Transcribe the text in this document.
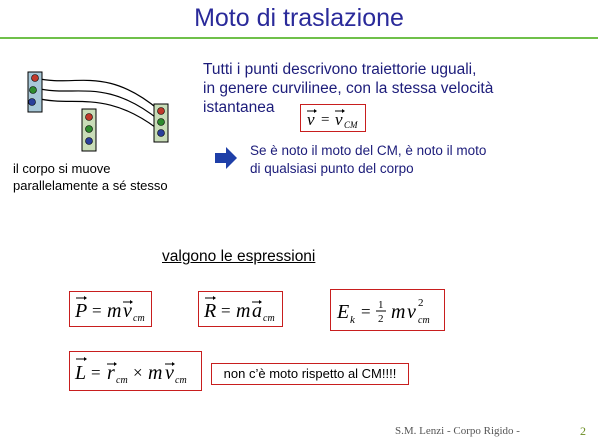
Moto di traslazione
il corpo si muove
parallelamente a sé stesso
Tutti i punti descrivono traiettorie uguali,
in genere curvilinee, con la stessa velocità
istantanea
v = v CM
Se è noto il moto del CM, è noto il moto
di qualsiasi punto del corpo
valgono le espressioni
P = m v cm	R = m a cm	E k = 1
2 m v 2
cm
L = r cm × m v cm	non c’è moto rispetto al CM!!!!
S.M. Lenzi - Corpo Rigido -	2
